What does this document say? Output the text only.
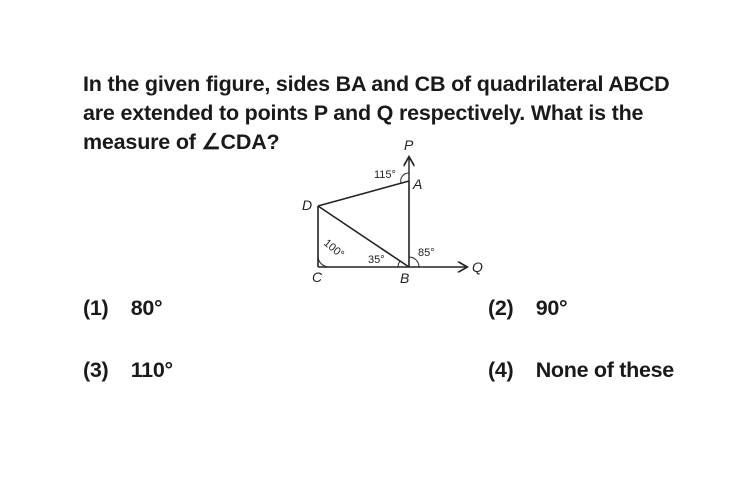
In the given figure, sides BA and CB of quadrilateral ABCD
are extended to points P and Q respectively. What is the
measure of ∠CDA?	P
A
D
C	B
Q
115°
100° 35°
85°
(1) 80°	(2) 90°
(3) 110°	(4) None of these
